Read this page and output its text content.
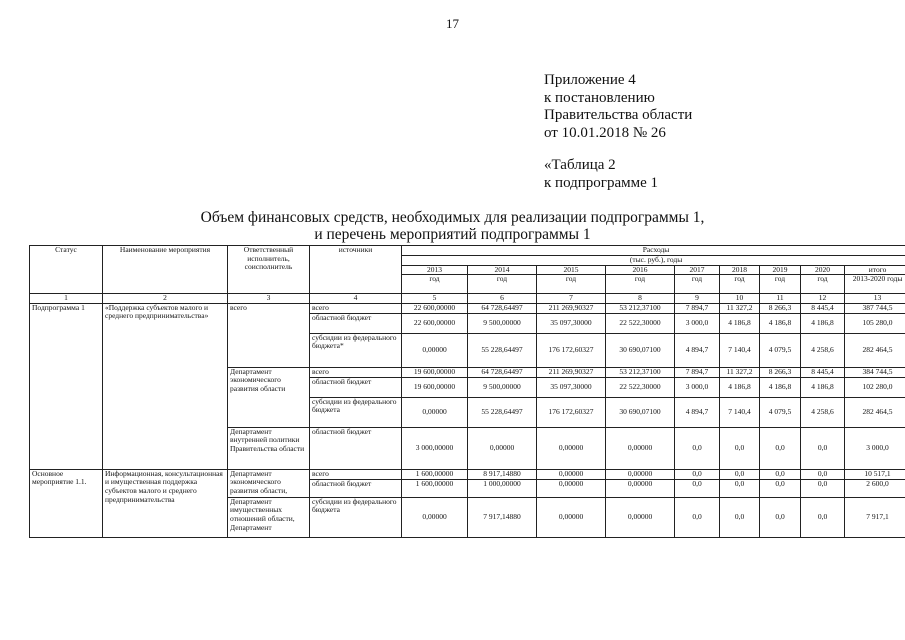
17
Приложение 4
к постановлению
Правительства области
от 10.01.2018 № 26
«Таблица 2
к подпрограмме 1
Объем финансовых средств, необходимых для реализации подпрограммы 1,
и перечень мероприятий подпрограммы 1
Статус	Наименование мероприятия	Ответственный исполнитель, соисполнитель	источники	Расходы								
				(тыс. руб.), годы								
				2013	2014	2015	2016	2017	2018	2019	2020	итого
				год	год	год	год	год	год	год	год	2013-2020 годы
1	2	3	4	5	6	7	8	9	10	11	12	13
Подпрограмма 1	«Поддержка субъектов малого и среднего предпринимательства»	всего	всего	22 600,00000	64 728,64497	211 269,90327	53 212,37100	7 894,7	11 327,2	8 266,3	8 445,4	387 744,5
			областной бюджет	22 600,00000	9 500,00000	35 097,30000	22 522,30000	3 000,0	4 186,8	4 186,8	4 186,8	105 280,0
			субсидии из федерального бюджета*	0,00000	55 228,64497	176 172,60327	30 690,07100	4 894,7	7 140,4	4 079,5	4 258,6	282 464,5
		Департамент экономического развития области	всего	19 600,00000	64 728,64497	211 269,90327	53 212,37100	7 894,7	11 327,2	8 266,3	8 445,4	384 744,5
			областной бюджет	19 600,00000	9 500,00000	35 097,30000	22 522,30000	3 000,0	4 186,8	4 186,8	4 186,8	102 280,0
			субсидии из федерального бюджета	0,00000	55 228,64497	176 172,60327	30 690,07100	4 894,7	7 140,4	4 079,5	4 258,6	282 464,5
		Департамент внутренней политики Правительства области	областной бюджет	3 000,00000	0,00000	0,00000	0,00000	0,0	0,0	0,0	0,0	3 000,0
Основное мероприятие 1.1.	Информационная, консультационная и имущественная поддержка субъектов малого и среднего предпринимательства	Департамент экономического развития области,	всего	1 600,00000	8 917,14880	0,00000	0,00000	0,0	0,0	0,0	0,0	10 517,1
			областной бюджет	1 600,00000	1 000,00000	0,00000	0,00000	0,0	0,0	0,0	0,0	2 600,0
		Департамент имущественных отношений области, Департамент	субсидии из федерального бюджета	0,00000	7 917,14880	0,00000	0,00000	0,0	0,0	0,0	0,0	7 917,1
